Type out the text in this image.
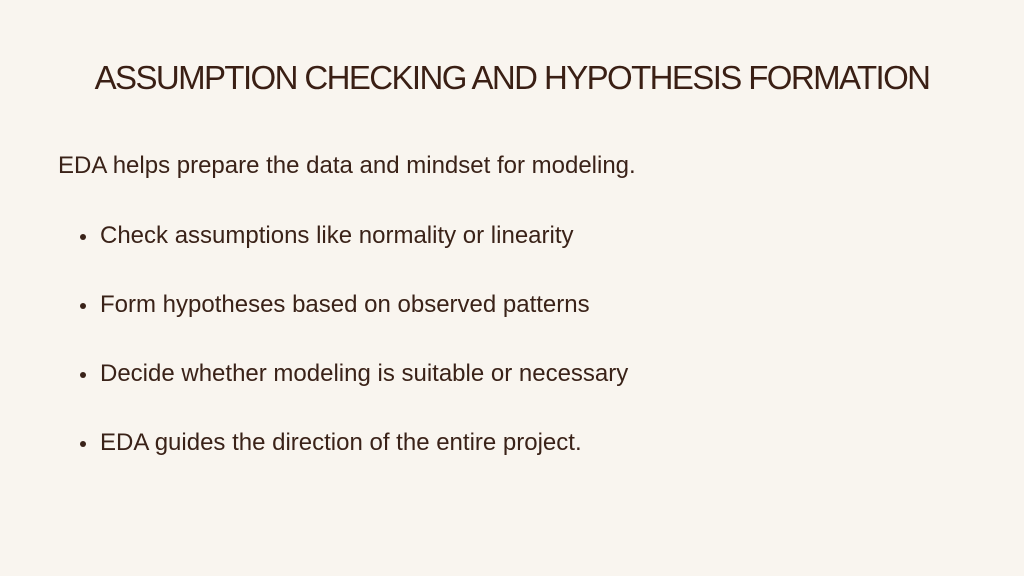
ASSUMPTION CHECKING AND HYPOTHESIS FORMATION

EDA helps prepare the data and mindset for modeling.

Check assumptions like normality or linearity
Form hypotheses based on observed patterns
Decide whether modeling is suitable or necessary
EDA guides the direction of the entire project.
